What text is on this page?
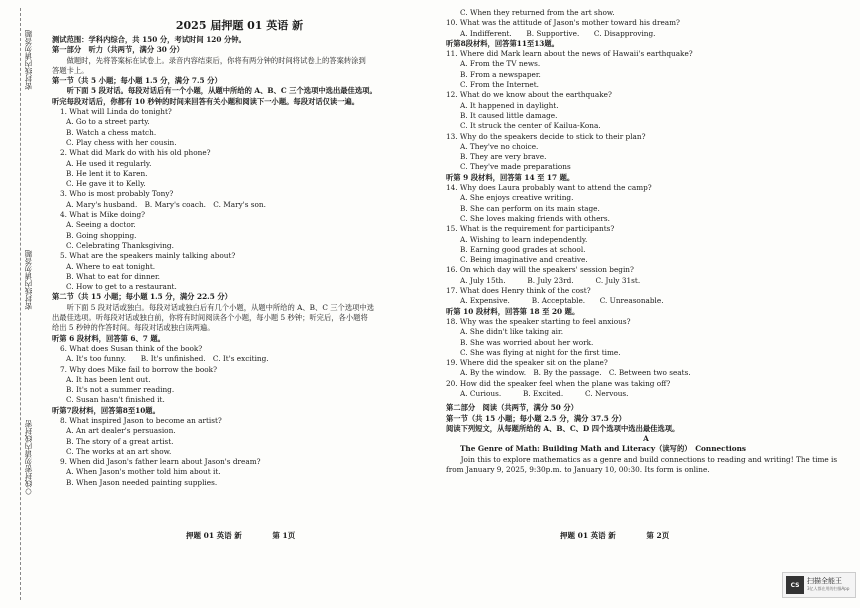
密封线内请勿答题
密封线内请勿答题
○线封密勿请内线封密
2025 届押题 01 英语 新
测试范围：学科内综合，共 150 分，考试时间 120 分钟。
第一部分　听力（共两节，满分 30 分）
　　做题时，先将答案标在试卷上。录音内容结束后，你将有两分钟的时间将试卷上的答案转涂到
答题卡上。
第一节（共 5 小题；每小题 1.5 分，满分 7.5 分）
　　听下面 5 段对话。每段对话后有一个小题，从题中所给的 A、B、C 三个选项中选出最佳选项。
听完每段对话后，你都有 10 秒钟的时间来回答有关小题和阅读下一小题。每段对话仅读一遍。
1. What will Linda do tonight?
A. Go to a street party.
B. Watch a chess match.
C. Play chess with her cousin.
2. What did Mark do with his old phone?
A. He used it regularly.
B. He lent it to Karen.
C. He gave it to Kelly.
3. Who is most probably Tony?
A. Mary's husband.　B. Mary's coach.　C. Mary's son.
4. What is Mike doing?
A. Seeing a doctor.
B. Going shopping.
C. Celebrating Thanksgiving.
5. What are the speakers mainly talking about?
A. Where to eat tonight.
B. What to eat for dinner.
C. How to get to a restaurant.
第二节（共 15 小题；每小题 1.5 分，满分 22.5 分）
　　听下面 5 段对话或独白。每段对话或独白后有几个小题，从题中所给的 A、B、C 三个选项中选
出最佳选项。听每段对话或独白前，你将有时间阅读各个小题，每小题 5 秒钟；听完后，各小题将
给出 5 秒钟的作答时间。每段对话或独白读两遍。
听第 6 段材料，回答第 6、7 题。
6. What does Susan think of the book?
A. It's too funny.　　B. It's unfinished.　C. It's exciting.
7. Why does Mike fail to borrow the book?
A. It has been lent out.
B. It's not a summer reading.
C. Susan hasn't finished it.
听第7段材料，回答第8至10题。
8. What inspired Jason to become an artist?
A. An art dealer's persuasion.
B. The story of a great artist.
C. The works at an art show.
9. When did Jason's father learn about Jason's dream?
A. When Jason's mother told him about it.
B. When Jason needed painting supplies.
C. When they returned from the art show.
10. What was the attitude of Jason's mother toward his dream?
A. Indifferent.　　B. Supportive.　　C. Disapproving.
听第8段材料，回答第11至13题。
11. Where did Mark learn about the news of Hawaii's earthquake?
A. From the TV news.
B. From a newspaper.
C. From the Internet.
12. What do we know about the earthquake?
A. It happened in daylight.
B. It caused little damage.
C. It struck the center of Kailua-Kona.
13. Why do the speakers decide to stick to their plan?
A. They've no choice.
B. They are very brave.
C. They've made preparations
听第 9 段材料，回答第 14 至 17 题。
14. Why does Laura probably want to attend the camp?
A. She enjoys creative writing.
B. She can perform on its main stage.
C. She loves making friends with others.
15. What is the requirement for participants?
A. Wishing to learn independently.
B. Earning good grades at school.
C. Being imaginative and creative.
16. On which day will the speakers' session begin?
A. July 15th.　　　B. July 23rd.　　　C. July 31st.
17. What does Henry think of the cost?
A. Expensive.　　　B. Acceptable.　　C. Unreasonable.
听第 10 段材料，回答第 18 至 20 题。
18. Why was the speaker starting to feel anxious?
A. She didn't like taking air.
B. She was worried about her work.
C. She was flying at night for the first time.
19. Where did the speaker sit on the plane?
A. By the window.　B. By the passage.　C. Between two seats.
20. How did the speaker feel when the plane was taking off?
A. Curious.　　　B. Excited.　　　C. Nervous.
第二部分　阅读（共两节，满分 50 分）
第一节（共 15 小题；每小题 2.5 分，满分 37.5 分）
阅读下列短文，从每题所给的 A、B、C、D 四个选项中选出最佳选项。
A
The Genre of Math: Building Math and Literacy（读写的）　Connections
　　Join this to explore mathematics as a genre and build connections to reading and writing! The time is
from January 9, 2025, 9:30p.m. to January 10, 00:30. Its form is online.
押题 01 英语 新	第 1页	押题 01 英语 新	第 2页
CS	扫描全能王
3亿人都在用的扫描App
